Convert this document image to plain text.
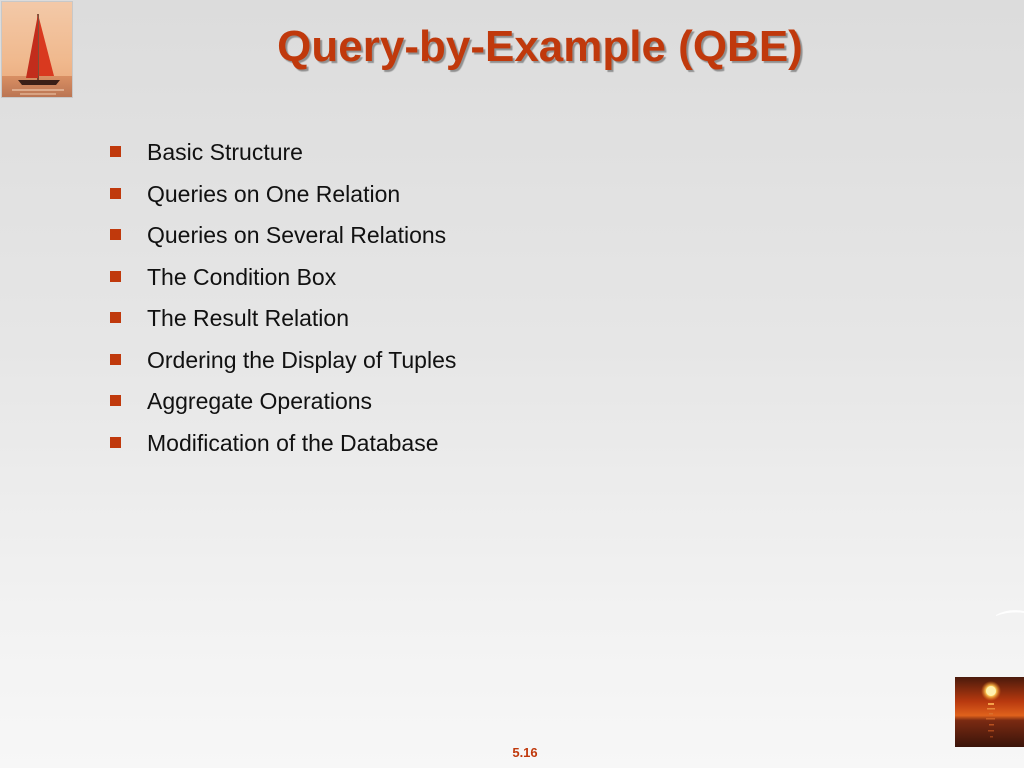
Query-by-Example (QBE)
Basic Structure
Queries on One Relation
Queries on Several Relations
The Condition Box
The Result Relation
Ordering the Display of Tuples
Aggregate Operations
Modification of the Database
5.16
